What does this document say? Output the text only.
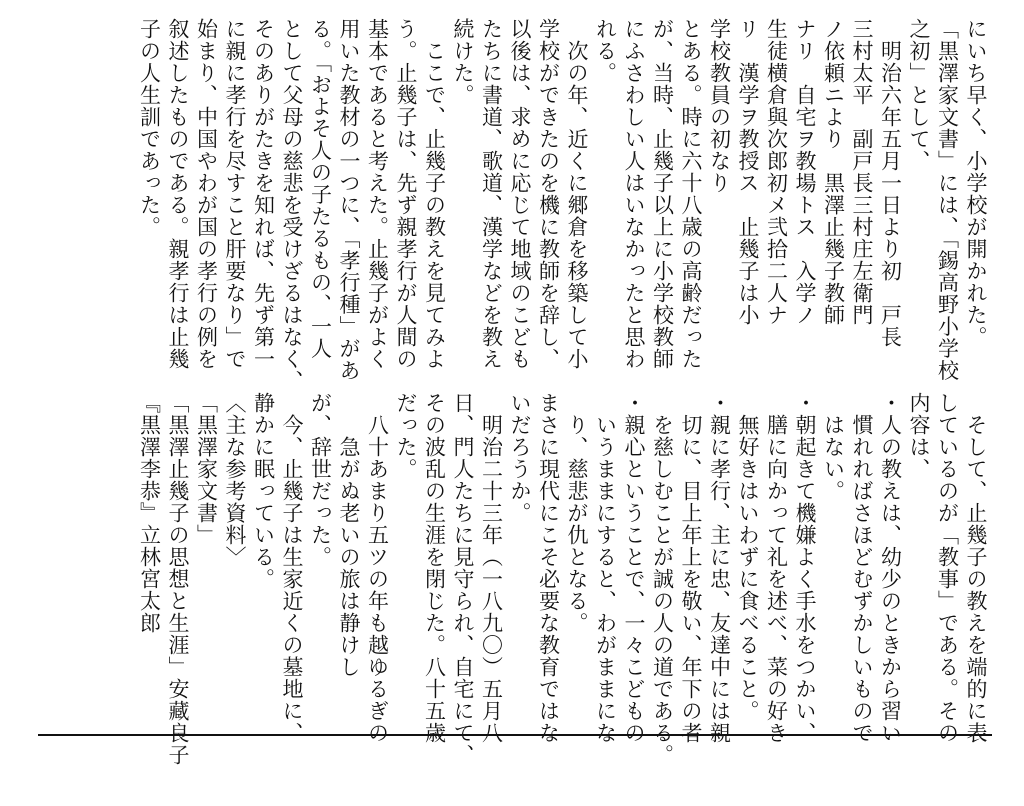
にいち早く、小学校が開かれた。
「黒澤家文書」には、「錫高野小学校
之初」として、
　明治六年五月一日より初　戸長
三村太平　副戸長三村庄左衛門
ノ依頼ニより　黒澤止幾子教師
ナリ　自宅ヲ教場トス　入学ノ
生徒横倉與次郎初メ弐拾二人ナ
リ　漢学ヲ教授ス　止幾子は小
学校教員の初なり
とある。時に六十八歳の高齢だった
が、当時、止幾子以上に小学校教師
にふさわしい人はいなかったと思わ
れる。
　次の年、近くに郷倉を移築して小
学校ができたのを機に教師を辞し、
以後は、求めに応じて地域のこども
たちに書道、歌道、漢学などを教え
続けた。
　ここで、止幾子の教えを見てみよ
う。止幾子は、先ず親孝行が人間の
基本であると考えた。止幾子がよく
用いた教材の一つに、「孝行種」があ
る。「およそ人の子たるもの、一人
として父母の慈悲を受けざるはなく、
そのありがたきを知れば、先ず第一
に親に孝行を尽すこと肝要なり」で
始まり、中国やわが国の孝行の例を
叙述したものである。親孝行は止幾
子の人生訓であった。
　そして、止幾子の教えを端的に表
しているのが「教事」である。その
内容は、
・人の教えは、幼少のときから習い
　慣れればさほどむずかしいもので
　はない。
・朝起きて機嫌よく手水をつかい、
　膳に向かって礼を述べ、菜の好き
　無好きはいわずに食べること。
・親に孝行、主に忠、友達中には親
　切に、目上年上を敬い、年下の者
　を慈しむことが誠の人の道である。
・親心ということで、一々こどもの
　いうままにすると、わがままにな
　り、慈悲が仇となる。
まさに現代にこそ必要な教育ではな
いだろうか。
　明治二十三年（一八九〇）五月八
日、門人たちに見守られ、自宅にて、
その波乱の生涯を閉じた。八十五歳
だった。
　八十あまり五ツの年も越ゆるぎの
　　急がぬ老いの旅は静けし
が、辞世だった。
　今、止幾子は生家近くの墓地に、
静かに眠っている。
〈主な参考資料〉
「黒澤家文書」
「黒澤止幾子の思想と生涯」安藏良子
『黒澤李恭』立林宮太郎
